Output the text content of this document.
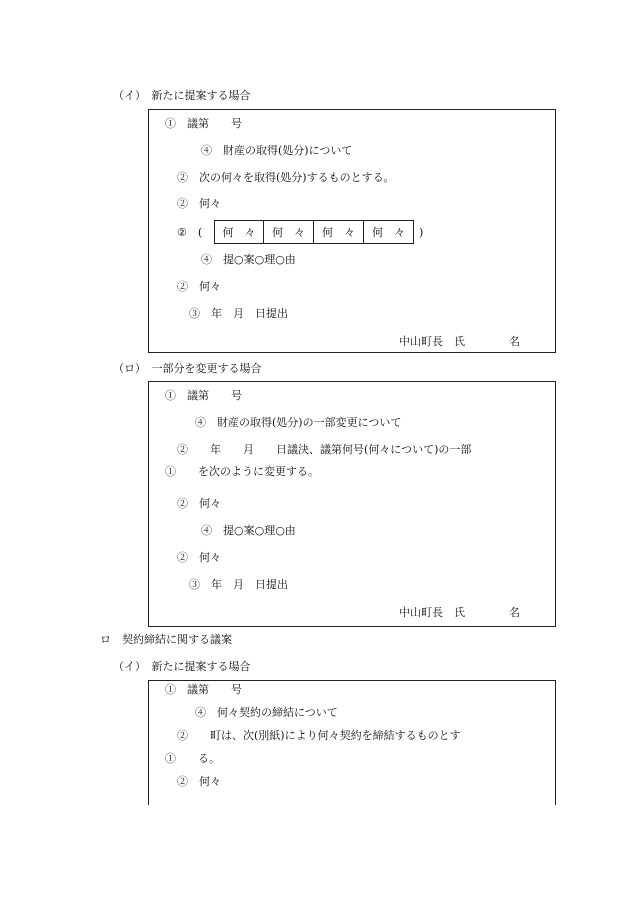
（イ）　新たに提案する場合
①　議第　　号
④　財産の取得(処分)について
②　次の何々を取得(処分)するものとする。
②　何々
②　(	何　々	何　々	何　々	何　々	)
④　提○案○理○由
②　何々
③　年　月　日提出
中山町長　氏　　　　名
（ロ）　一部分を変更する場合
①　議第　　号
④　財産の取得(処分)の一部変更について
②　　年　　月　　日議決、議第何号(何々について)の一部
①　　を次のように変更する。
②　何々
④　提○案○理○由
②　何々
③　年　月　日提出
中山町長　氏　　　　名
ロ　契約締結に関する議案
（イ）　新たに提案する場合
①　議第　　号
④　何々契約の締結について
②　　町は、次(別紙)により何々契約を締結するものとす
①　　る。
②　何々
